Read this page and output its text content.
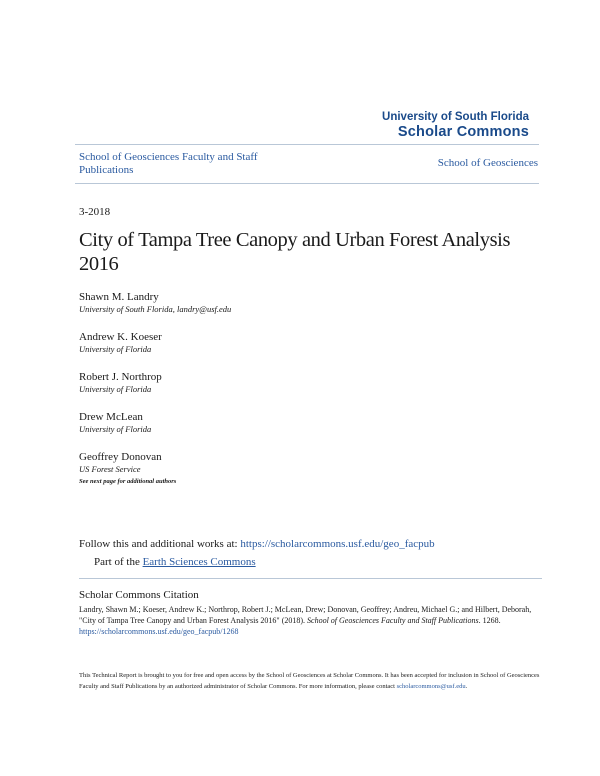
University of South Florida
Scholar Commons
School of Geosciences Faculty and Staff Publications
School of Geosciences
3-2018
City of Tampa Tree Canopy and Urban Forest Analysis 2016
Shawn M. Landry
University of South Florida, landry@usf.edu
Andrew K. Koeser
University of Florida
Robert J. Northrop
University of Florida
Drew McLean
University of Florida
Geoffrey Donovan
US Forest Service
See next page for additional authors
Follow this and additional works at: https://scholarcommons.usf.edu/geo_facpub
Part of the Earth Sciences Commons
Scholar Commons Citation
Landry, Shawn M.; Koeser, Andrew K.; Northrop, Robert J.; McLean, Drew; Donovan, Geoffrey; Andreu, Michael G.; and Hilbert, Deborah, "City of Tampa Tree Canopy and Urban Forest Analysis 2016" (2018). School of Geosciences Faculty and Staff Publications. 1268.
https://scholarcommons.usf.edu/geo_facpub/1268
This Technical Report is brought to you for free and open access by the School of Geosciences at Scholar Commons. It has been accepted for inclusion in School of Geosciences Faculty and Staff Publications by an authorized administrator of Scholar Commons. For more information, please contact scholarcommons@usf.edu.
